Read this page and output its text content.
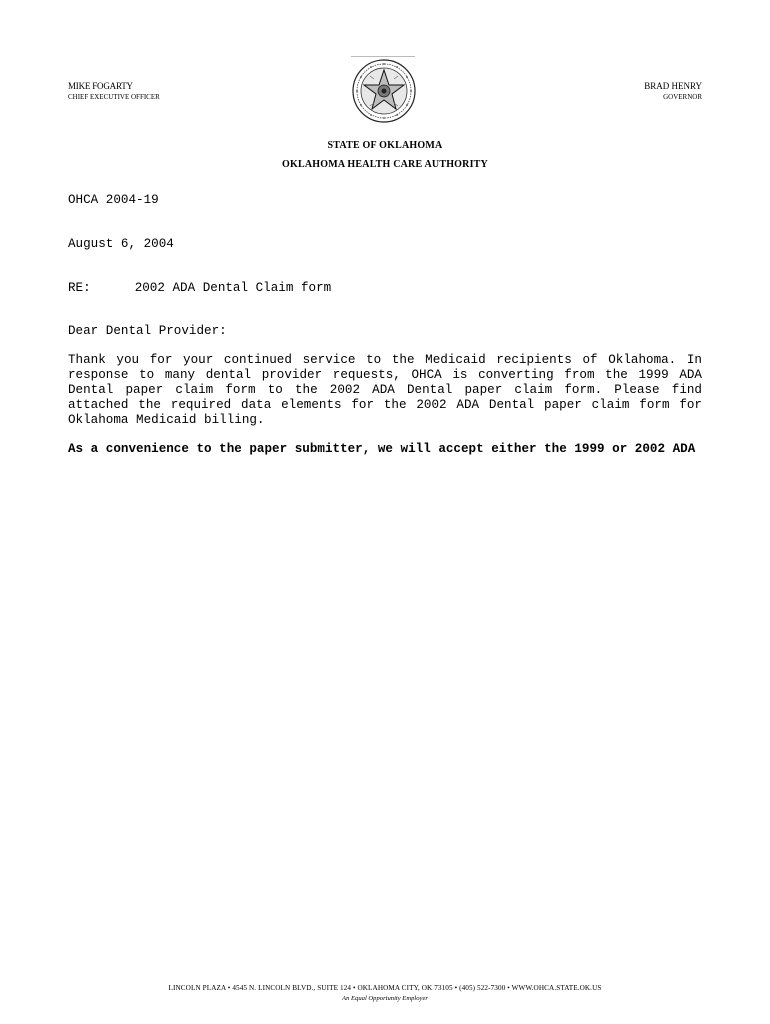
MIKE FOGARTY
CHIEF EXECUTIVE OFFICER
BRAD HENRY
GOVERNOR
STATE OF OKLAHOMA
OKLAHOMA HEALTH CARE AUTHORITY
OHCA 2004-19
August 6, 2004
RE:	2002 ADA Dental Claim form
Dear Dental Provider:
Thank you for your continued service to the Medicaid recipients of Oklahoma. In
response to many dental provider requests, OHCA is converting from the 1999 ADA
Dental paper claim form to the 2002 ADA Dental paper claim form. Please find
attached the required data elements for the 2002 ADA Dental paper claim form for
Oklahoma Medicaid billing.
As a convenience to the paper submitter, we will accept either the 1999 or 2002 ADA
LINCOLN PLAZA • 4545 N. LINCOLN BLVD., SUITE 124 • OKLAHOMA CITY, OK 73105 • (405) 522-7300 • WWW.OHCA.STATE.OK.US
An Equal Opportunity Employer
